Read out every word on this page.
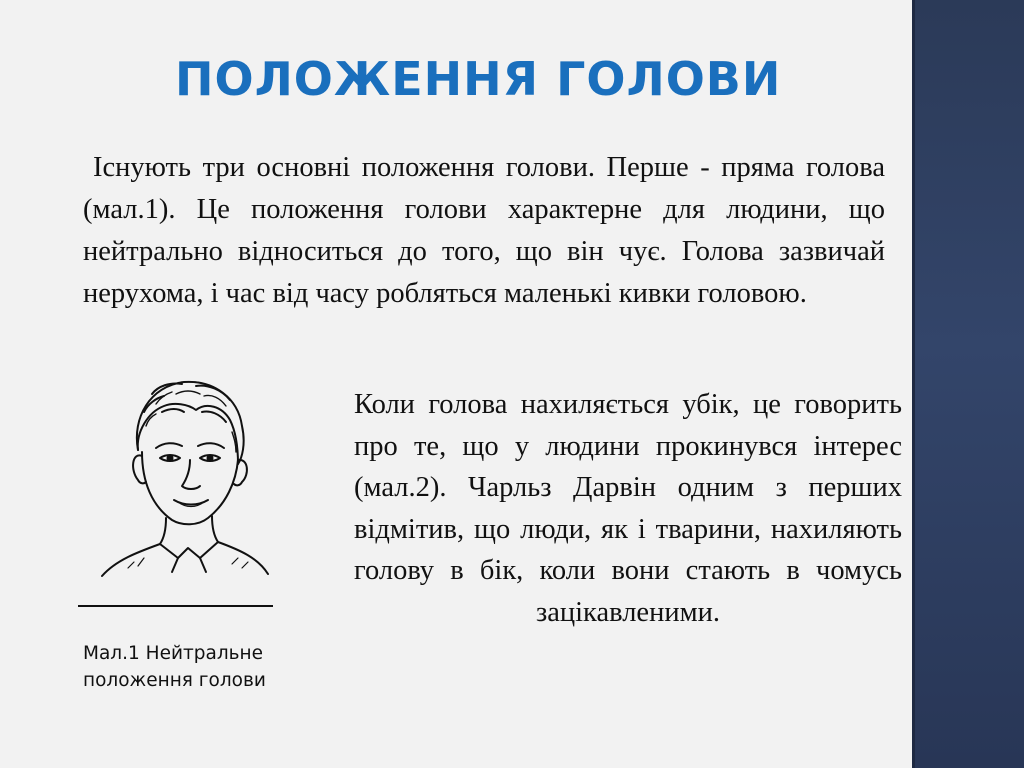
ПОЛОЖЕННЯ ГОЛОВИ

Існують три основні положення голови. Перше - пряма голова (мал.1). Це положення голови характерне для людини, що нейтрально відноситься до того, що він чує. Голова зазвичай нерухома, і час від часу робляться маленькі кивки головою.

Мал.1 Нейтральне
положення голови

Коли голова нахиляється убік, це говорить про те, що у людини прокинувся інтерес (мал.2). Чарльз Дарвін одним з перших відмітив, що люди, як і тварини, нахиляють голову в бік, коли вони стають в чомусь зацікавленими.
